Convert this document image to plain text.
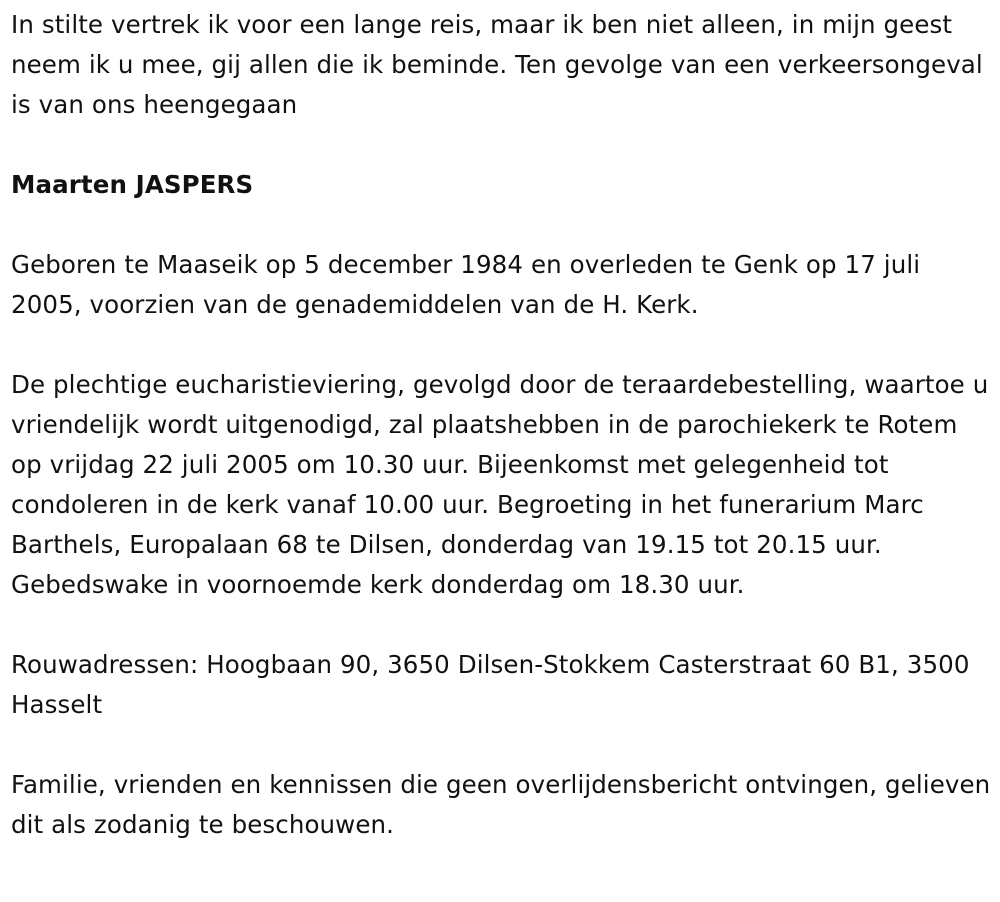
In stilte vertrek ik voor een lange reis, maar ik ben niet alleen, in mijn geest neem ik u mee, gij allen die ik beminde. Ten gevolge van een verkeersongeval is van ons heengegaan

Maarten JASPERS

Geboren te Maaseik op 5 december 1984 en overleden te Genk op 17 juli 2005, voorzien van de genademiddelen van de H. Kerk.

De plechtige eucharistieviering, gevolgd door de teraardebestelling, waartoe u vriendelijk wordt uitgenodigd, zal plaatshebben in de parochiekerk te Rotem op vrijdag 22 juli 2005 om 10.30 uur. Bijeenkomst met gelegenheid tot condoleren in de kerk vanaf 10.00 uur. Begroeting in het funerarium Marc Barthels, Europalaan 68 te Dilsen, donderdag van 19.15 tot 20.15 uur. Gebedswake in voornoemde kerk donderdag om 18.30 uur.

Rouwadressen: Hoogbaan 90, 3650 Dilsen-Stokkem Casterstraat 60 B1, 3500 Hasselt

Familie, vrienden en kennissen die geen overlijdensbericht ontvingen, gelieven dit als zodanig te beschouwen.
